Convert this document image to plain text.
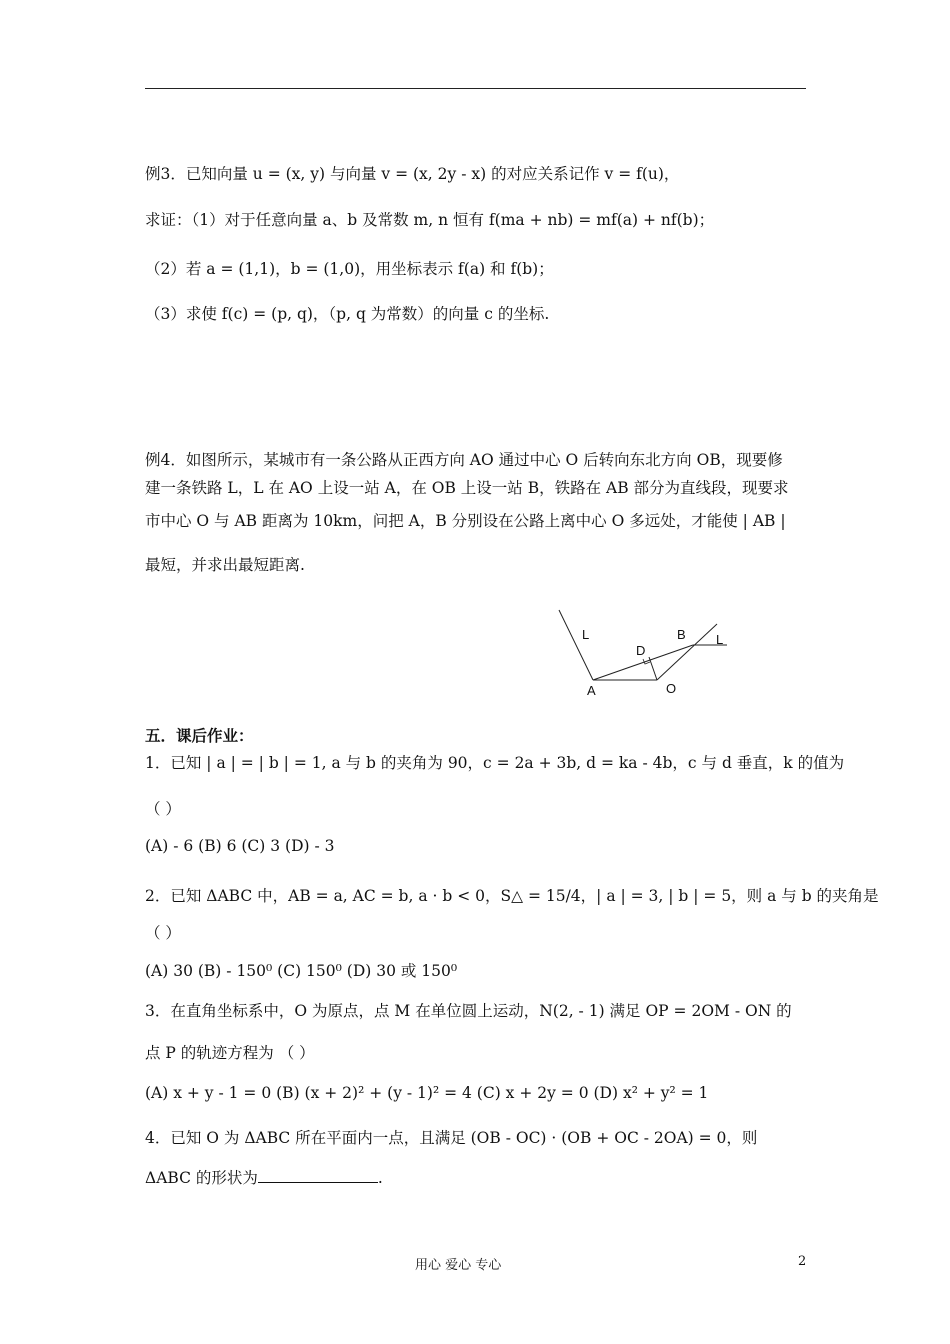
例3．已知向量 u = (x, y) 与向量 v = (x, 2y - x) 的对应关系记作 v = f(u)，
求证：（1）对于任意向量 a、b 及常数 m, n 恒有 f(ma + nb) = mf(a) + nf(b)；
（2）若 a = (1,1)，b = (1,0)，用坐标表示 f(a) 和 f(b)；
（3）求使 f(c) = (p, q)，（p, q 为常数）的向量 c 的坐标.
例4．如图所示，某城市有一条公路从正西方向 AO 通过中心 O 后转向东北方向 OB，现要修
建一条铁路 L，L 在 AO 上设一站 A，在 OB 上设一站 B，铁路在 AB 部分为直线段，现要求
市中心 O 与 AB 距离为 10km，问把 A，B 分别设在公路上离中心 O 多远处，才能使 | AB |
最短，并求出最短距离.
L	L
B
D
A	O
五．课后作业：
1．已知 | a | = | b | = 1, a 与 b 的夹角为 90，c = 2a + 3b, d = ka - 4b，c 与 d 垂直，k 的值为
（ ）
(A) - 6 (B) 6 (C) 3 (D) - 3
2．已知 ΔABC 中，AB = a, AC = b, a · b < 0，S△ = 15/4，| a | = 3, | b | = 5，则 a 与 b 的夹角是
（ ）
(A) 30 (B) - 150⁰ (C) 150⁰ (D) 30 或 150⁰
3．在直角坐标系中，O 为原点，点 M 在单位圆上运动，N(2, - 1) 满足 OP = 2OM - ON 的
点 P 的轨迹方程为 （ ）
(A) x + y - 1 = 0 (B) (x + 2)² + (y - 1)² = 4 (C) x + 2y = 0 (D) x² + y² = 1
4．已知 O 为 ΔABC 所在平面内一点，且满足 (OB - OC) · (OB + OC - 2OA) = 0，则
ΔABC 的形状为	.
用心 爱心 专心	2
